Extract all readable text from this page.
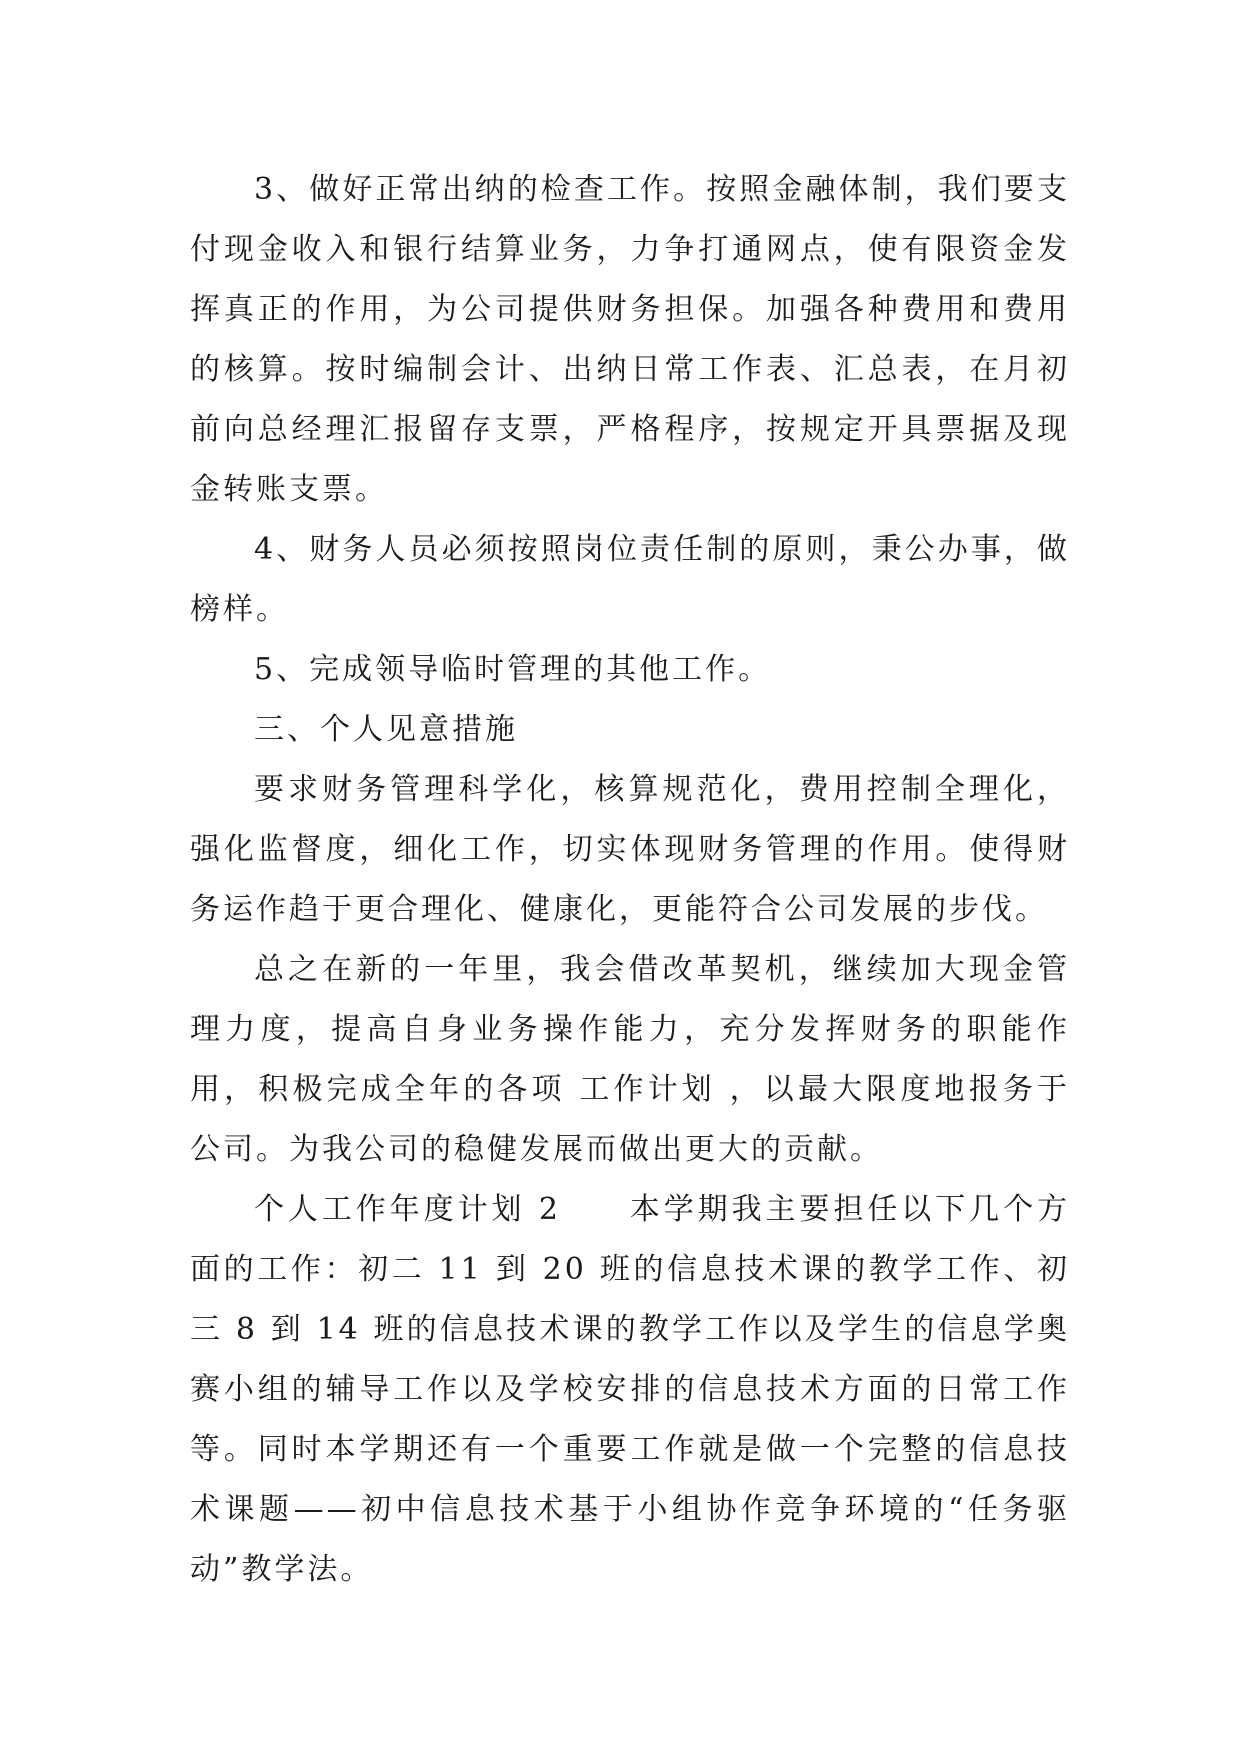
3、做好正常出纳的检查工作。按照金融体制，我们要支付现金收入和银行结算业务，力争打通网点，使有限资金发挥真正的作用，为公司提供财务担保。加强各种费用和费用的核算。按时编制会计、出纳日常工作表、汇总表，在月初前向总经理汇报留存支票，严格程序，按规定开具票据及现金转账支票。

4、财务人员必须按照岗位责任制的原则，秉公办事，做榜样。

5、完成领导临时管理的其他工作。

三、个人见意措施

要求财务管理科学化，核算规范化，费用控制全理化，强化监督度，细化工作，切实体现财务管理的作用。使得财务运作趋于更合理化、健康化，更能符合公司发展的步伐。

总之在新的一年里，我会借改革契机，继续加大现金管理力度，提高自身业务操作能力，充分发挥财务的职能作用，积极完成全年的各项 工作计划 ，以最大限度地报务于公司。为我公司的稳健发展而做出更大的贡献。

个人工作年度计划 2　　本学期我主要担任以下几个方面的工作：初二 11 到 20 班的信息技术课的教学工作、初三 8 到 14 班的信息技术课的教学工作以及学生的信息学奥赛小组的辅导工作以及学校安排的信息技术方面的日常工作等。同时本学期还有一个重要工作就是做一个完整的信息技术课题——初中信息技术基于小组协作竞争环境的“任务驱动”教学法。
